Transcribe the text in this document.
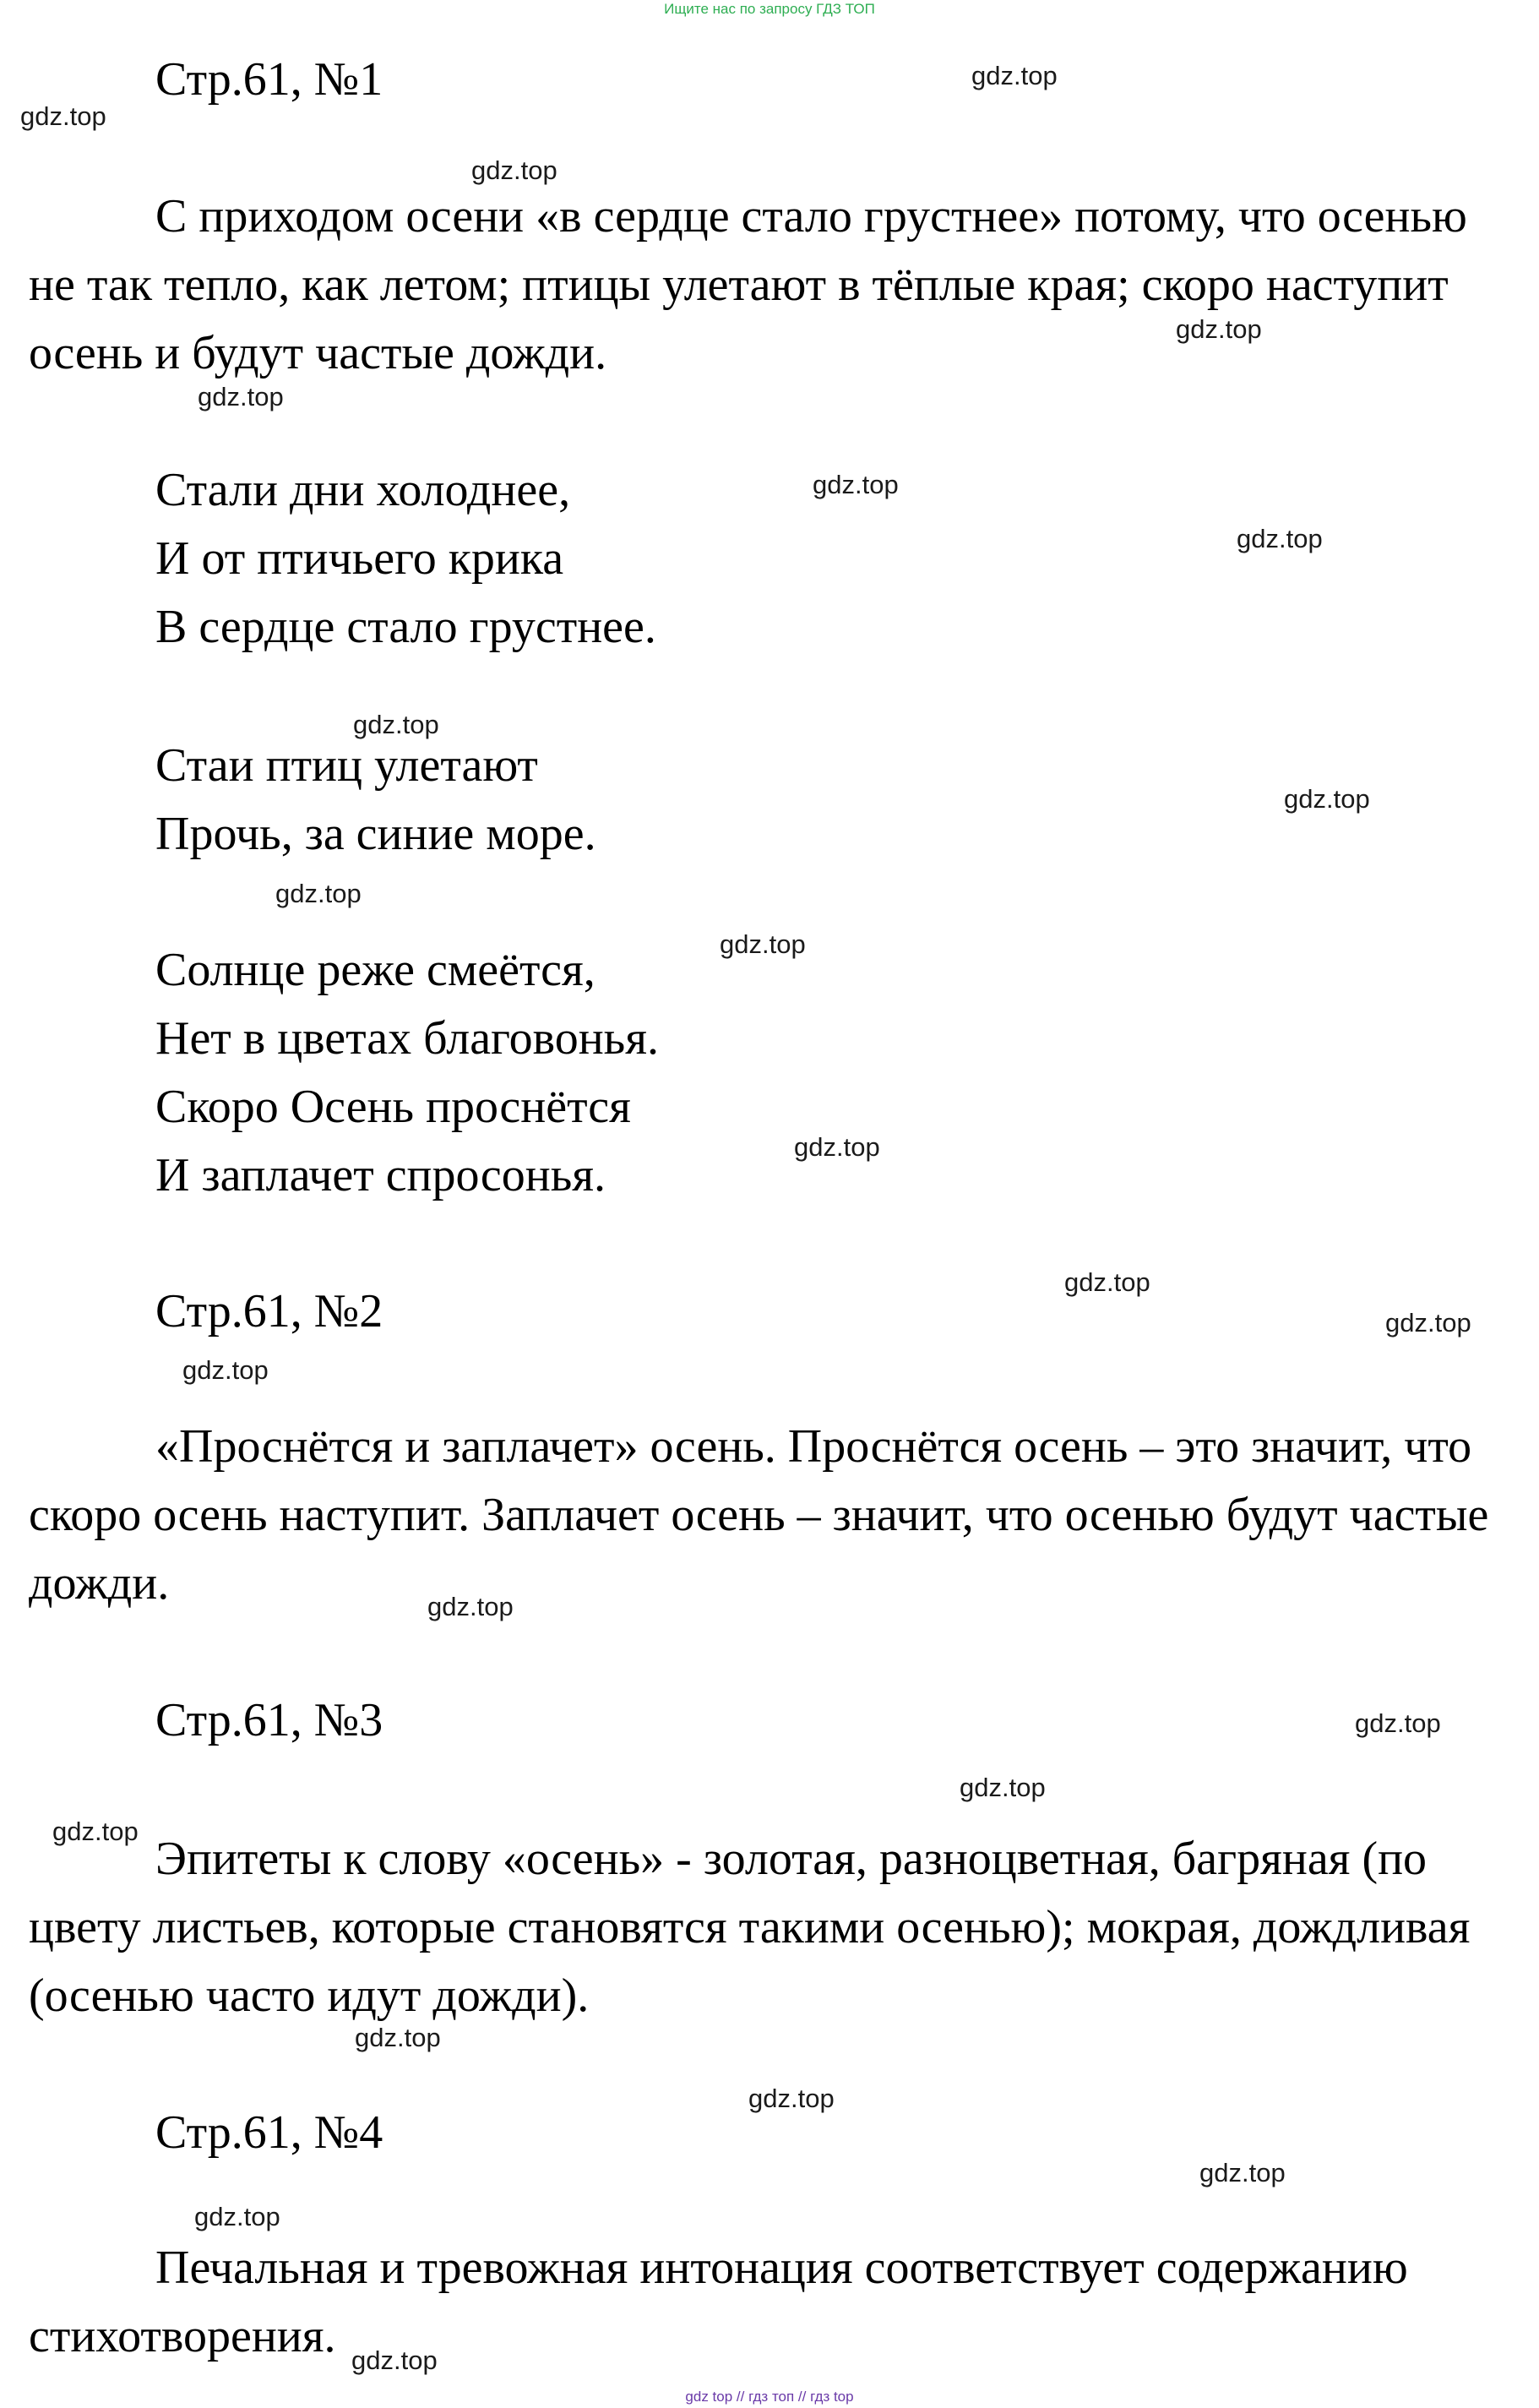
Ищите нас по запросу ГДЗ ТОП
Стр.61, №1
С приходом осени «в сердце стало грустнее» потому, что осенью не так тепло, как летом; птицы улетают в тёплые края; скоро наступит осень и будут частые дожди.
Стали дни холоднее,
И от птичьего крика
В сердце стало грустнее.
Стаи птиц улетают
Прочь, за синие море.
Солнце реже смеётся,
Нет в цветах благовонья.
Скоро Осень проснётся
И заплачет спросонья.
Стр.61, №2
«Проснётся и заплачет» осень. Проснётся осень – это значит, что скоро осень наступит. Заплачет осень – значит, что осенью будут частые дожди.
Стр.61, №3
Эпитеты к слову «осень» - золотая, разноцветная, багряная (по цвету листьев, которые становятся такими осенью); мокрая, дождливая (осенью часто идут дожди).
Стр.61, №4
Печальная и тревожная интонация соответствует содержанию стихотворения.
gdz.top
gdz.top
gdz.top
gdz.top
gdz.top
gdz.top
gdz.top
gdz.top
gdz.top
gdz.top
gdz.top
gdz.top
gdz.top
gdz.top
gdz.top
gdz.top
gdz.top
gdz.top
gdz.top
gdz.top
gdz.top
gdz.top
gdz.top
gdz.top
gdz top // гдз топ // гдз top
